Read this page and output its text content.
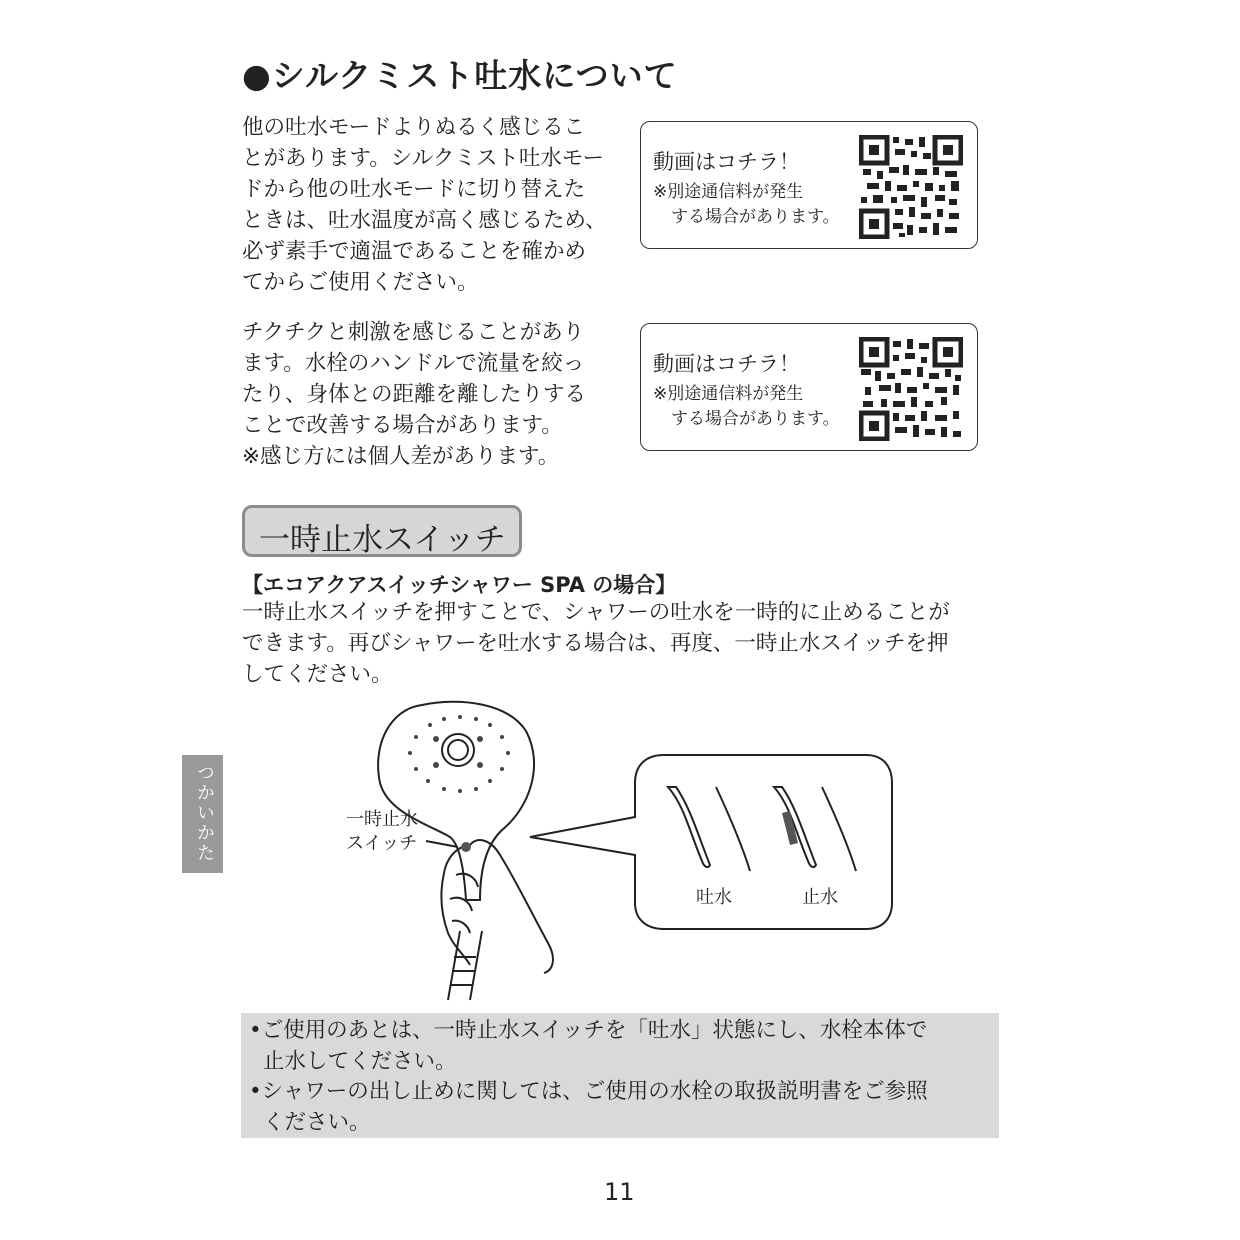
●シルクミスト吐水について
他の吐水モードよりぬるく感じるこ
とがあります。シルクミスト吐水モー
ドから他の吐水モードに切り替えた
ときは、吐水温度が高く感じるため、
必ず素手で適温であることを確かめ
てからご使用ください。
動画はコチラ！
※別途通信料が発生
する場合があります。
チクチクと刺激を感じることがあり
ます。水栓のハンドルで流量を絞っ
たり、身体との距離を離したりする
ことで改善する場合があります。
※感じ方には個人差があります。
動画はコチラ！
※別途通信料が発生
する場合があります。
一時止水スイッチ
【エコアクアスイッチシャワー SPA の場合】
一時止水スイッチを押すことで、シャワーの吐水を一時的に止めることが
できます。再びシャワーを吐水する場合は、再度、一時止水スイッチを押
してください。
つかいかた	一時止水
スイッチ
吐水	止水
•ご使用のあとは、一時止水スイッチを「吐水」状態にし、水栓本体で
止水してください。
•シャワーの出し止めに関しては、ご使用の水栓の取扱説明書をご参照
ください。
11
